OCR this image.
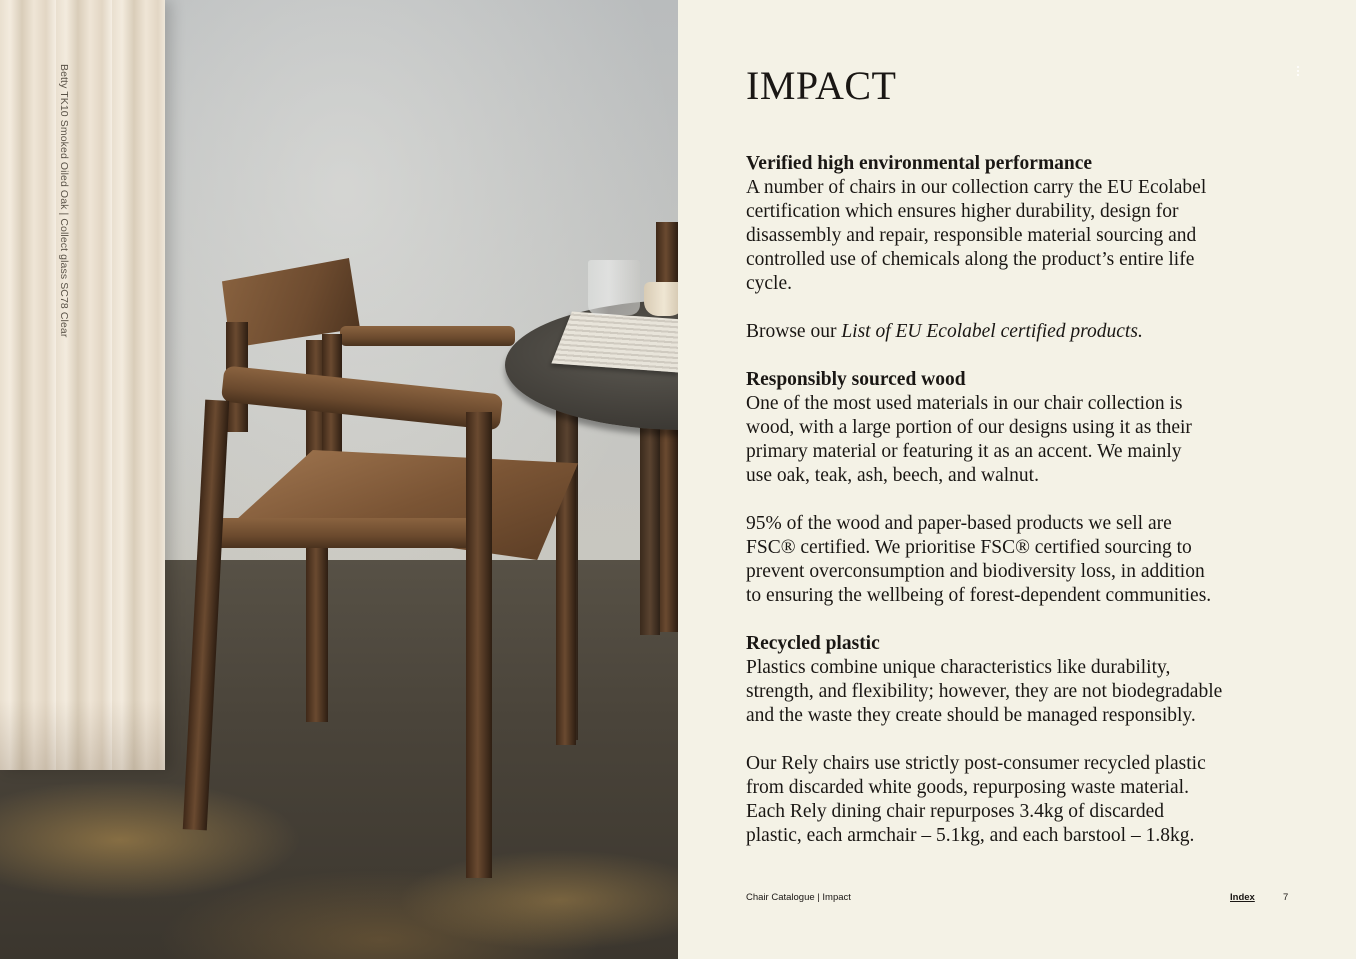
Betty TK10 Smoked Oiled Oak | Collect glass SC78 Clear	IMPACT

Verified high environmental performance

A number of chairs in our collection carry the EU Ecolabel
certification which ensures higher durability, design for
disassembly and repair, responsible material sourcing and
controlled use of chemicals along the product’s entire life cycle.

Browse our List of EU Ecolabel certified products.

Responsibly sourced wood

One of the most used materials in our chair collection is
wood, with a large portion of our designs using it as their
primary material or featuring it as an accent. We mainly
use oak, teak, ash, beech, and walnut.

95% of the wood and paper-based products we sell are
FSC® certified. We prioritise FSC® certified sourcing to
prevent overconsumption and biodiversity loss, in addition
to ensuring the wellbeing of forest-dependent communities.

Recycled plastic

Plastics combine unique characteristics like durability,
strength, and flexibility; however, they are not biodegradable
and the waste they create should be managed responsibly.

Our Rely chairs use strictly post-consumer recycled plastic
from discarded white goods, repurposing waste material.
Each Rely dining chair repurposes 3.4kg of discarded
plastic, each armchair – 5.1kg, and each barstool – 1.8kg.

Chair Catalogue | Impact	Index	7
